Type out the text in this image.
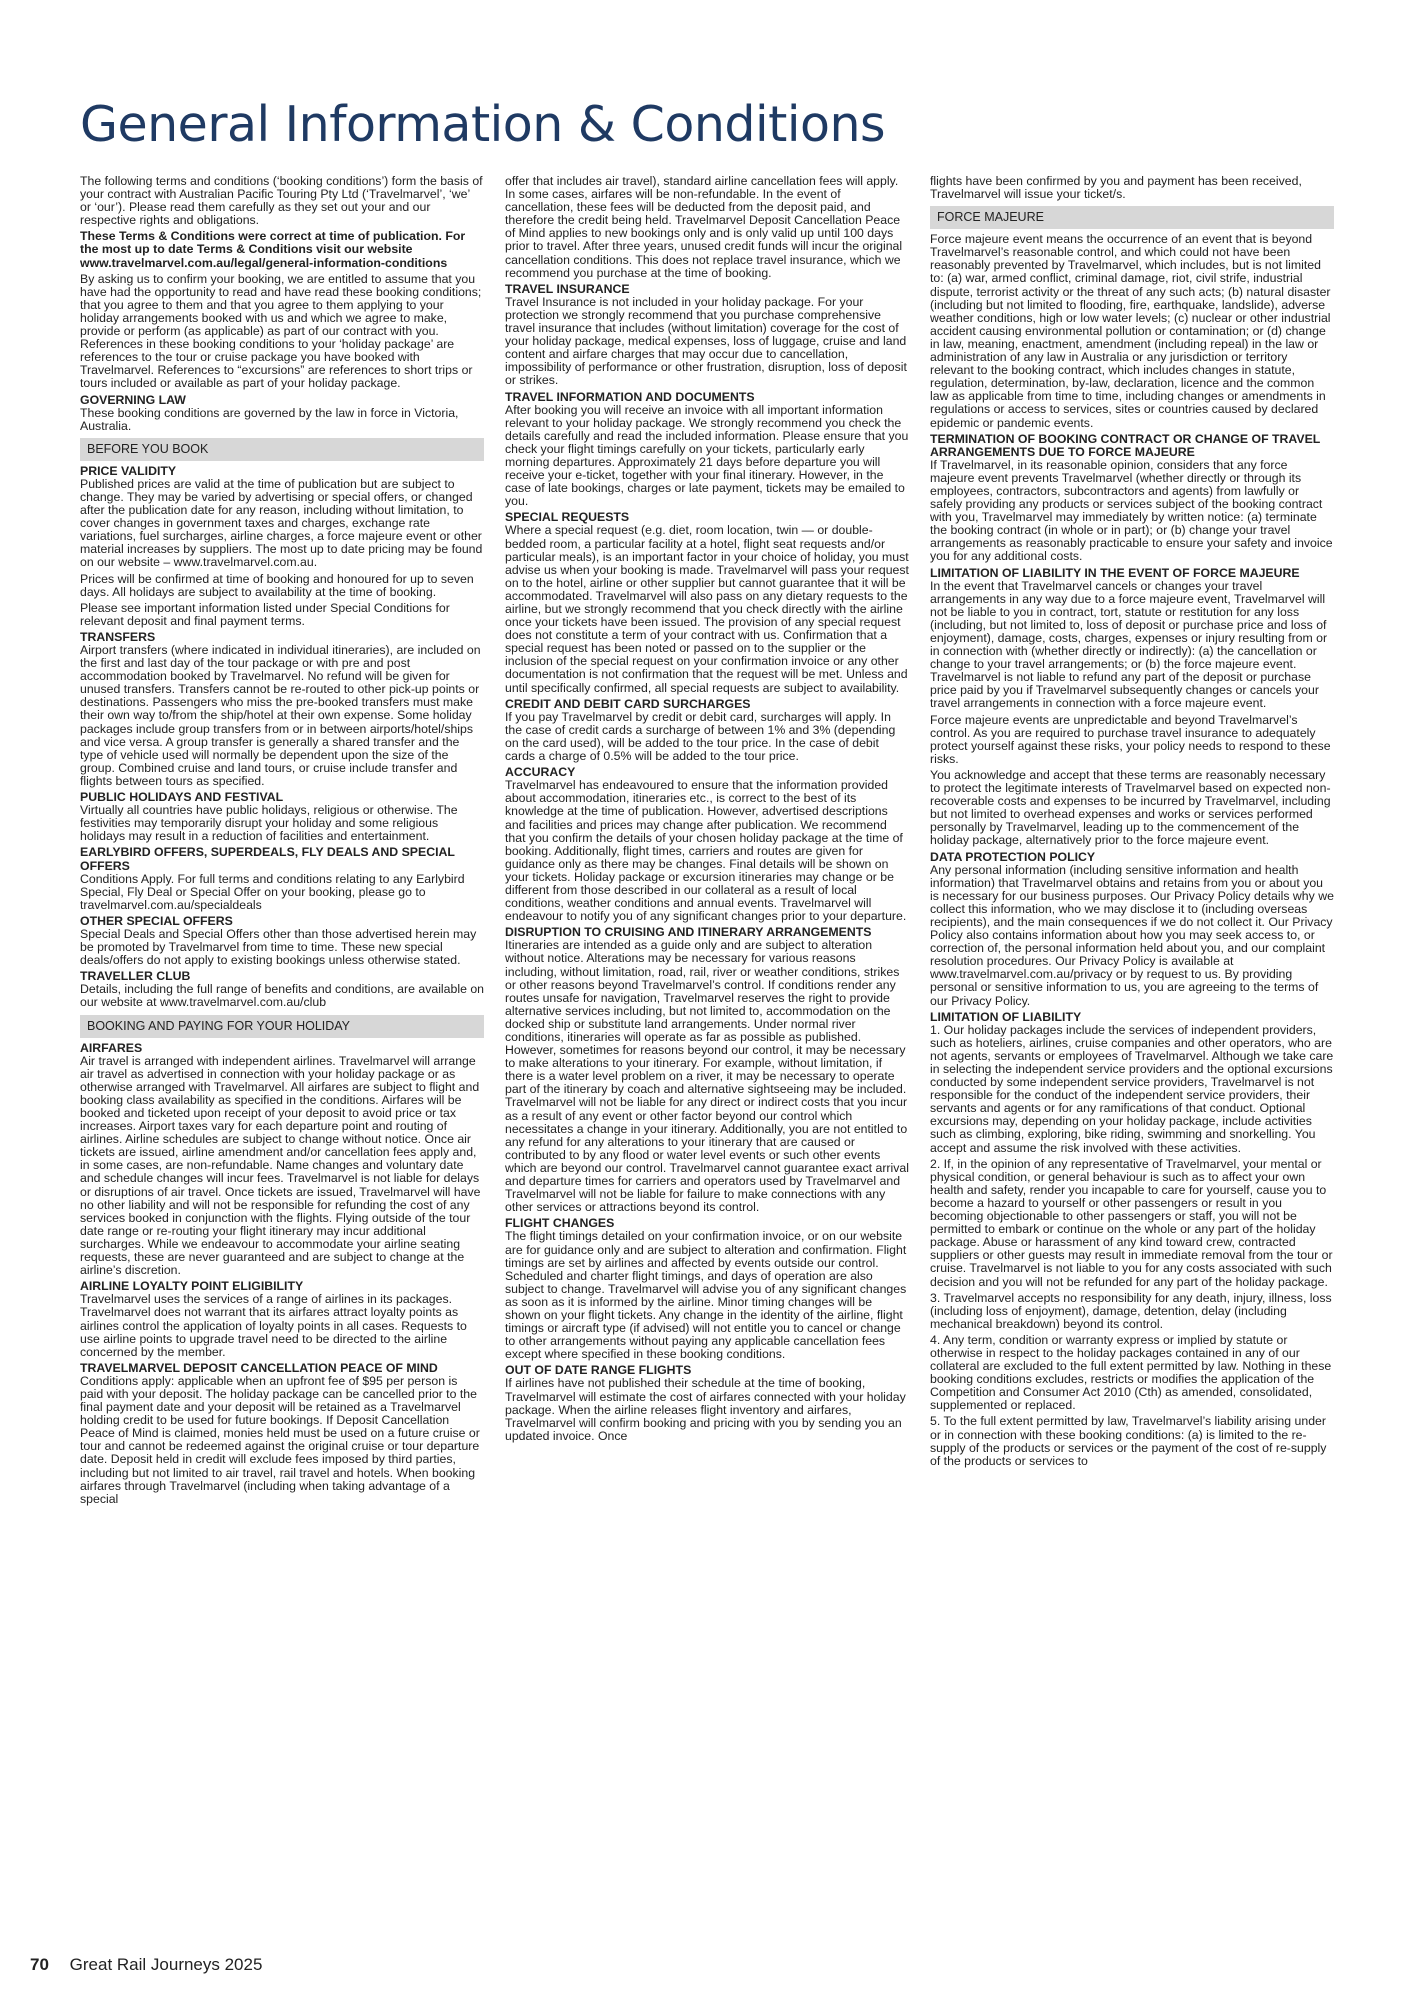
General Information & Conditions

The following terms and conditions (‘booking conditions’) form the basis of your contract with Australian Pacific Touring Pty Ltd (‘Travelmarvel’, ‘we’ or ‘our’). Please read them carefully as they set out your and our respective rights and obligations.

These Terms & Conditions were correct at time of publication. For the most up to date Terms & Conditions visit our website www.travelmarvel.com.au/legal/general-information-conditions

By asking us to confirm your booking, we are entitled to assume that you have had the opportunity to read and have read these booking conditions; that you agree to them and that you agree to them applying to your holiday arrangements booked with us and which we agree to make, provide or perform (as applicable) as part of our contract with you. References in these booking conditions to your ‘holiday package’ are references to the tour or cruise package you have booked with Travelmarvel. References to “excursions” are references to short trips or tours included or available as part of your holiday package.

GOVERNING LAW

These booking conditions are governed by the law in force in Victoria, Australia.

BEFORE YOU BOOK
PRICE VALIDITY

Published prices are valid at the time of publication but are subject to change. They may be varied by advertising or special offers, or changed after the publication date for any reason, including without limitation, to cover changes in government taxes and charges, exchange rate variations, fuel surcharges, airline charges, a force majeure event or other material increases by suppliers. The most up to date pricing may be found on our website – www.travelmarvel.com.au.

Prices will be confirmed at time of booking and honoured for up to seven days. All holidays are subject to availability at the time of booking.

Please see important information listed under Special Conditions for relevant deposit and final payment terms.

TRANSFERS

Airport transfers (where indicated in individual itineraries), are included on the first and last day of the tour package or with pre and post accommodation booked by Travelmarvel. No refund will be given for unused transfers. Transfers cannot be re-routed to other pick-up points or destinations. Passengers who miss the pre-booked transfers must make their own way to/from the ship/hotel at their own expense. Some holiday packages include group transfers from or in between airports/hotel/ships and vice versa. A group transfer is generally a shared transfer and the type of vehicle used will normally be dependent upon the size of the group. Combined cruise and land tours, or cruise include transfer and flights between tours as specified.

PUBLIC HOLIDAYS AND FESTIVAL

Virtually all countries have public holidays, religious or otherwise. The festivities may temporarily disrupt your holiday and some religious holidays may result in a reduction of facilities and entertainment.

EARLYBIRD OFFERS, SUPERDEALS, FLY DEALS AND SPECIAL OFFERS

Conditions Apply. For full terms and conditions relating to any Earlybird Special, Fly Deal or Special Offer on your booking, please go to travelmarvel.com.au/specialdeals

OTHER SPECIAL OFFERS

Special Deals and Special Offers other than those advertised herein may be promoted by Travelmarvel from time to time. These new special deals/offers do not apply to existing bookings unless otherwise stated.

TRAVELLER CLUB

Details, including the full range of benefits and conditions, are available on our website at www.travelmarvel.com.au/club

BOOKING AND PAYING FOR YOUR HOLIDAY
AIRFARES

Air travel is arranged with independent airlines. Travelmarvel will arrange air travel as advertised in connection with your holiday package or as otherwise arranged with Travelmarvel. All airfares are subject to flight and booking class availability as specified in the conditions. Airfares will be booked and ticketed upon receipt of your deposit to avoid price or tax increases. Airport taxes vary for each departure point and routing of airlines. Airline schedules are subject to change without notice. Once air tickets are issued, airline amendment and/or cancellation fees apply and, in some cases, are non-refundable. Name changes and voluntary date and schedule changes will incur fees. Travelmarvel is not liable for delays or disruptions of air travel. Once tickets are issued, Travelmarvel will have no other liability and will not be responsible for refunding the cost of any services booked in conjunction with the flights. Flying outside of the tour date range or re-routing your flight itinerary may incur additional surcharges. While we endeavour to accommodate your airline seating requests, these are never guaranteed and are subject to change at the airline’s discretion.

AIRLINE LOYALTY POINT ELIGIBILITY

Travelmarvel uses the services of a range of airlines in its packages. Travelmarvel does not warrant that its airfares attract loyalty points as airlines control the application of loyalty points in all cases. Requests to use airline points to upgrade travel need to be directed to the airline concerned by the member.

TRAVELMARVEL DEPOSIT CANCELLATION PEACE OF MIND

Conditions apply: applicable when an upfront fee of $95 per person is paid with your deposit. The holiday package can be cancelled prior to the final payment date and your deposit will be retained as a Travelmarvel holding credit to be used for future bookings. If Deposit Cancellation Peace of Mind is claimed, monies held must be used on a future cruise or tour and cannot be redeemed against the original cruise or tour departure date. Deposit held in credit will exclude fees imposed by third parties, including but not limited to air travel, rail travel and hotels. When booking airfares through Travelmarvel (including when taking advantage of a special

offer that includes air travel), standard airline cancellation fees will apply. In some cases, airfares will be non-refundable. In the event of cancellation, these fees will be deducted from the deposit paid, and therefore the credit being held. Travelmarvel Deposit Cancellation Peace of Mind applies to new bookings only and is only valid up until 100 days prior to travel. After three years, unused credit funds will incur the original cancellation conditions. This does not replace travel insurance, which we recommend you purchase at the time of booking.

TRAVEL INSURANCE

Travel Insurance is not included in your holiday package. For your protection we strongly recommend that you purchase comprehensive travel insurance that includes (without limitation) coverage for the cost of your holiday package, medical expenses, loss of luggage, cruise and land content and airfare charges that may occur due to cancellation, impossibility of performance or other frustration, disruption, loss of deposit or strikes.

TRAVEL INFORMATION AND DOCUMENTS

After booking you will receive an invoice with all important information relevant to your holiday package. We strongly recommend you check the details carefully and read the included information. Please ensure that you check your flight timings carefully on your tickets, particularly early morning departures. Approximately 21 days before departure you will receive your e-ticket, together with your final itinerary. However, in the case of late bookings, charges or late payment, tickets may be emailed to you.

SPECIAL REQUESTS

Where a special request (e.g. diet, room location, twin — or double-bedded room, a particular facility at a hotel, flight seat requests and/or particular meals), is an important factor in your choice of holiday, you must advise us when your booking is made. Travelmarvel will pass your request on to the hotel, airline or other supplier but cannot guarantee that it will be accommodated. Travelmarvel will also pass on any dietary requests to the airline, but we strongly recommend that you check directly with the airline once your tickets have been issued. The provision of any special request does not constitute a term of your contract with us. Confirmation that a special request has been noted or passed on to the supplier or the inclusion of the special request on your confirmation invoice or any other documentation is not confirmation that the request will be met. Unless and until specifically confirmed, all special requests are subject to availability.

CREDIT AND DEBIT CARD SURCHARGES

If you pay Travelmarvel by credit or debit card, surcharges will apply. In the case of credit cards a surcharge of between 1% and 3% (depending on the card used), will be added to the tour price. In the case of debit cards a charge of 0.5% will be added to the tour price.

ACCURACY

Travelmarvel has endeavoured to ensure that the information provided about accommodation, itineraries etc., is correct to the best of its knowledge at the time of publication. However, advertised descriptions and facilities and prices may change after publication. We recommend that you confirm the details of your chosen holiday package at the time of booking. Additionally, flight times, carriers and routes are given for guidance only as there may be changes. Final details will be shown on your tickets. Holiday package or excursion itineraries may change or be different from those described in our collateral as a result of local conditions, weather conditions and annual events. Travelmarvel will endeavour to notify you of any significant changes prior to your departure.

DISRUPTION TO CRUISING AND ITINERARY ARRANGEMENTS

Itineraries are intended as a guide only and are subject to alteration without notice. Alterations may be necessary for various reasons including, without limitation, road, rail, river or weather conditions, strikes or other reasons beyond Travelmarvel’s control. If conditions render any routes unsafe for navigation, Travelmarvel reserves the right to provide alternative services including, but not limited to, accommodation on the docked ship or substitute land arrangements. Under normal river conditions, itineraries will operate as far as possible as published. However, sometimes for reasons beyond our control, it may be necessary to make alterations to your itinerary. For example, without limitation, if there is a water level problem on a river, it may be necessary to operate part of the itinerary by coach and alternative sightseeing may be included. Travelmarvel will not be liable for any direct or indirect costs that you incur as a result of any event or other factor beyond our control which necessitates a change in your itinerary. Additionally, you are not entitled to any refund for any alterations to your itinerary that are caused or contributed to by any flood or water level events or such other events which are beyond our control. Travelmarvel cannot guarantee exact arrival and departure times for carriers and operators used by Travelmarvel and Travelmarvel will not be liable for failure to make connections with any other services or attractions beyond its control.

FLIGHT CHANGES

The flight timings detailed on your confirmation invoice, or on our website are for guidance only and are subject to alteration and confirmation. Flight timings are set by airlines and affected by events outside our control. Scheduled and charter flight timings, and days of operation are also subject to change. Travelmarvel will advise you of any significant changes as soon as it is informed by the airline. Minor timing changes will be shown on your flight tickets. Any change in the identity of the airline, flight timings or aircraft type (if advised) will not entitle you to cancel or change to other arrangements without paying any applicable cancellation fees except where specified in these booking conditions.

OUT OF DATE RANGE FLIGHTS

If airlines have not published their schedule at the time of booking, Travelmarvel will estimate the cost of airfares connected with your holiday package. When the airline releases flight inventory and airfares, Travelmarvel will confirm booking and pricing with you by sending you an updated invoice. Once

flights have been confirmed by you and payment has been received, Travelmarvel will issue your ticket/s.

FORCE MAJEURE

Force majeure event means the occurrence of an event that is beyond Travelmarvel’s reasonable control, and which could not have been reasonably prevented by Travelmarvel, which includes, but is not limited to: (a) war, armed conflict, criminal damage, riot, civil strife, industrial dispute, terrorist activity or the threat of any such acts; (b) natural disaster (including but not limited to flooding, fire, earthquake, landslide), adverse weather conditions, high or low water levels; (c) nuclear or other industrial accident causing environmental pollution or contamination; or (d) change in law, meaning, enactment, amendment (including repeal) in the law or administration of any law in Australia or any jurisdiction or territory relevant to the booking contract, which includes changes in statute, regulation, determination, by-law, declaration, licence and the common law as applicable from time to time, including changes or amendments in regulations or access to services, sites or countries caused by declared epidemic or pandemic events.

TERMINATION OF BOOKING CONTRACT OR CHANGE OF TRAVEL ARRANGEMENTS DUE TO FORCE MAJEURE

If Travelmarvel, in its reasonable opinion, considers that any force majeure event prevents Travelmarvel (whether directly or through its employees, contractors, subcontractors and agents) from lawfully or safely providing any products or services subject of the booking contract with you, Travelmarvel may immediately by written notice: (a) terminate the booking contract (in whole or in part); or (b) change your travel arrangements as reasonably practicable to ensure your safety and invoice you for any additional costs.

LIMITATION OF LIABILITY IN THE EVENT OF FORCE MAJEURE

In the event that Travelmarvel cancels or changes your travel arrangements in any way due to a force majeure event, Travelmarvel will not be liable to you in contract, tort, statute or restitution for any loss (including, but not limited to, loss of deposit or purchase price and loss of enjoyment), damage, costs, charges, expenses or injury resulting from or in connection with (whether directly or indirectly): (a) the cancellation or change to your travel arrangements; or (b) the force majeure event. Travelmarvel is not liable to refund any part of the deposit or purchase price paid by you if Travelmarvel subsequently changes or cancels your travel arrangements in connection with a force majeure event.

Force majeure events are unpredictable and beyond Travelmarvel’s control. As you are required to purchase travel insurance to adequately protect yourself against these risks, your policy needs to respond to these risks.

You acknowledge and accept that these terms are reasonably necessary to protect the legitimate interests of Travelmarvel based on expected non-recoverable costs and expenses to be incurred by Travelmarvel, including but not limited to overhead expenses and works or services performed personally by Travelmarvel, leading up to the commencement of the holiday package, alternatively prior to the force majeure event.

DATA PROTECTION POLICY

Any personal information (including sensitive information and health information) that Travelmarvel obtains and retains from you or about you is necessary for our business purposes. Our Privacy Policy details why we collect this information, who we may disclose it to (including overseas recipients), and the main consequences if we do not collect it. Our Privacy Policy also contains information about how you may seek access to, or correction of, the personal information held about you, and our complaint resolution procedures. Our Privacy Policy is available at www.travelmarvel.com.au/privacy or by request to us. By providing personal or sensitive information to us, you are agreeing to the terms of our Privacy Policy.

LIMITATION OF LIABILITY

1. Our holiday packages include the services of independent providers, such as hoteliers, airlines, cruise companies and other operators, who are not agents, servants or employees of Travelmarvel. Although we take care in selecting the independent service providers and the optional excursions conducted by some independent service providers, Travelmarvel is not responsible for the conduct of the independent service providers, their servants and agents or for any ramifications of that conduct. Optional excursions may, depending on your holiday package, include activities such as climbing, exploring, bike riding, swimming and snorkelling. You accept and assume the risk involved with these activities.

2. If, in the opinion of any representative of Travelmarvel, your mental or physical condition, or general behaviour is such as to affect your own health and safety, render you incapable to care for yourself, cause you to become a hazard to yourself or other passengers or result in you becoming objectionable to other passengers or staff, you will not be permitted to embark or continue on the whole or any part of the holiday package. Abuse or harassment of any kind toward crew, contracted suppliers or other guests may result in immediate removal from the tour or cruise. Travelmarvel is not liable to you for any costs associated with such decision and you will not be refunded for any part of the holiday package.

3. Travelmarvel accepts no responsibility for any death, injury, illness, loss (including loss of enjoyment), damage, detention, delay (including mechanical breakdown) beyond its control.

4. Any term, condition or warranty express or implied by statute or otherwise in respect to the holiday packages contained in any of our collateral are excluded to the full extent permitted by law. Nothing in these booking conditions excludes, restricts or modifies the application of the Competition and Consumer Act 2010 (Cth) as amended, consolidated, supplemented or replaced.

5. To the full extent permitted by law, Travelmarvel’s liability arising under or in connection with these booking conditions: (a) is limited to the re-supply of the products or services or the payment of the cost of re-supply of the products or services to

70 Great Rail Journeys 2025
